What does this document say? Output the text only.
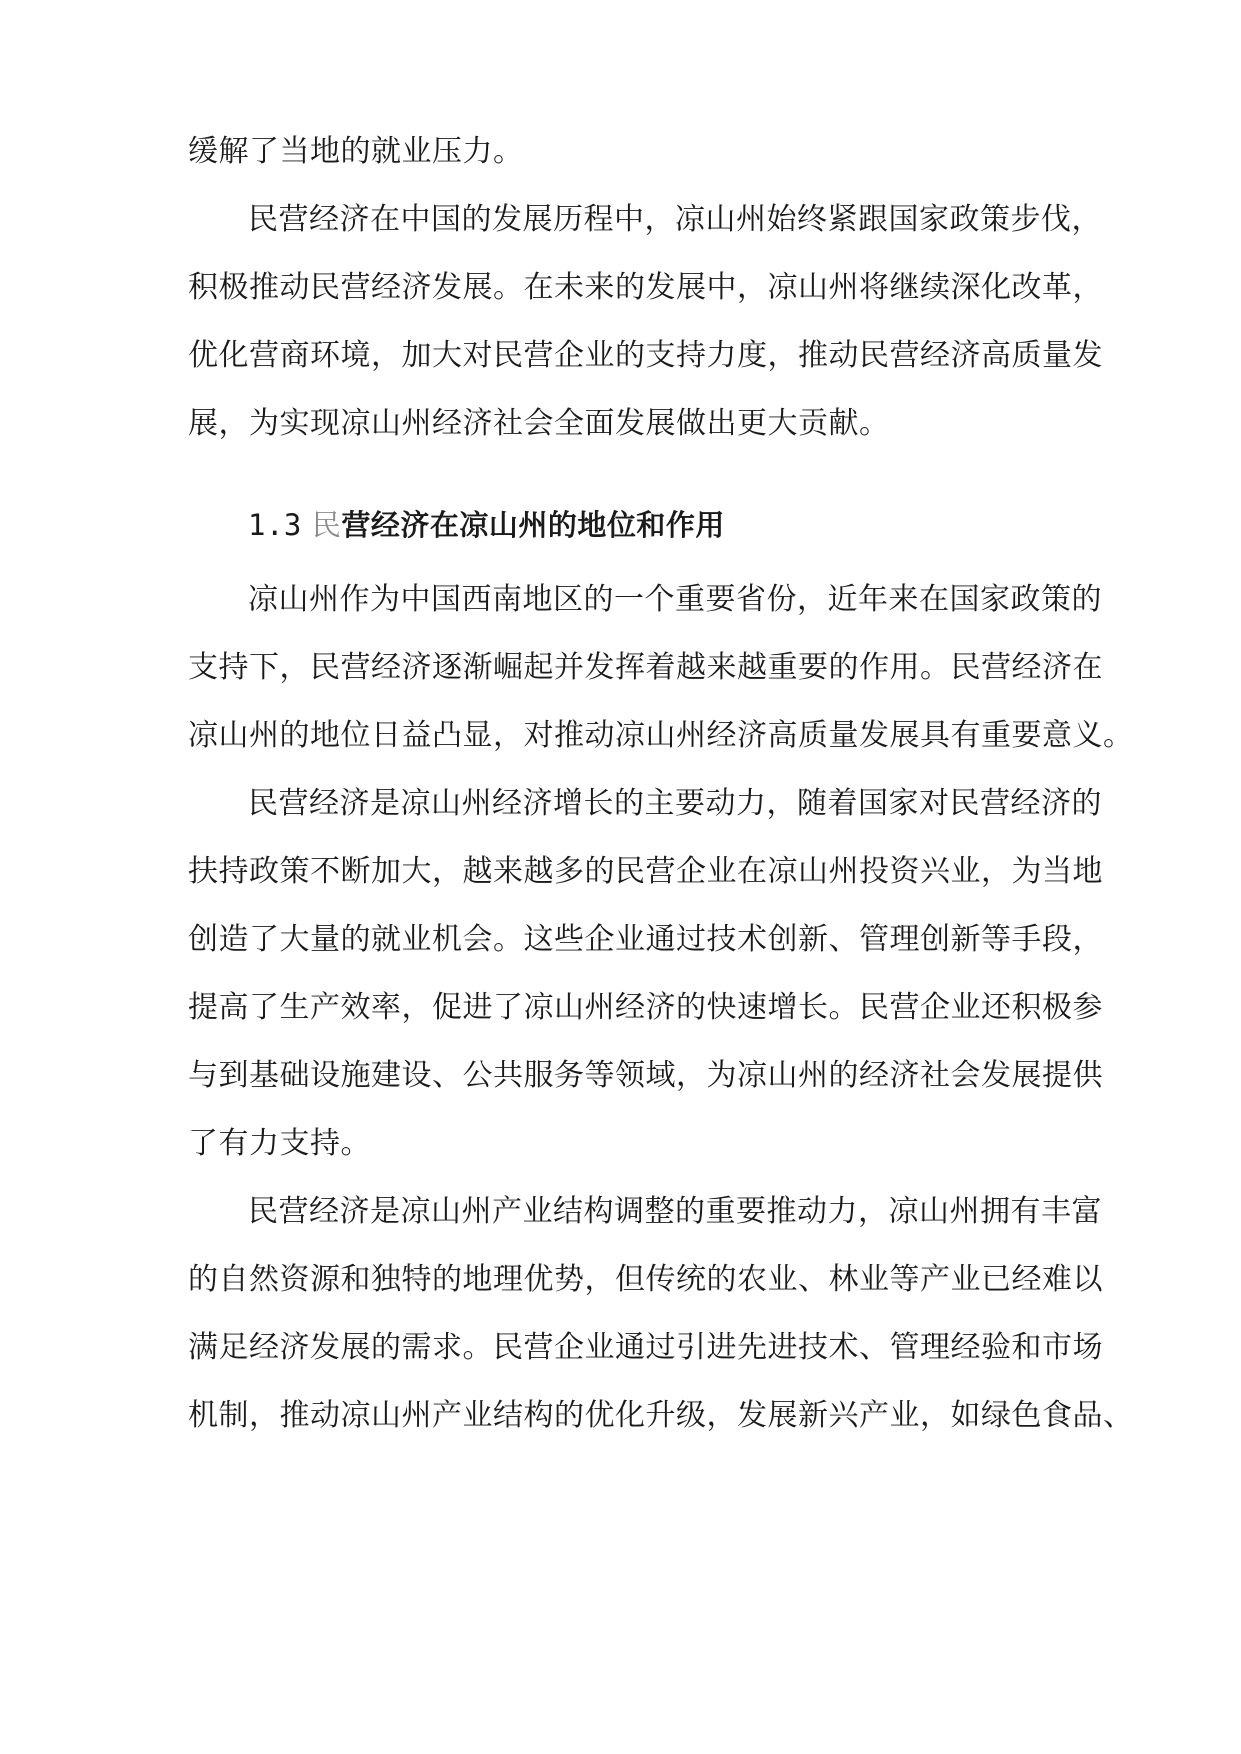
缓解了当地的就业压力。
民营经济在中国的发展历程中，凉山州始终紧跟国家政策步伐，
积极推动民营经济发展。在未来的发展中，凉山州将继续深化改革，
优化营商环境，加大对民营企业的支持力度，推动民营经济高质量发
展，为实现凉山州经济社会全面发展做出更大贡献。
1.3 民营经济在凉山州的地位和作用
凉山州作为中国西南地区的一个重要省份，近年来在国家政策的
支持下，民营经济逐渐崛起并发挥着越来越重要的作用。民营经济在
凉山州的地位日益凸显，对推动凉山州经济高质量发展具有重要意义。
民营经济是凉山州经济增长的主要动力，随着国家对民营经济的
扶持政策不断加大，越来越多的民营企业在凉山州投资兴业，为当地
创造了大量的就业机会。这些企业通过技术创新、管理创新等手段，
提高了生产效率，促进了凉山州经济的快速增长。民营企业还积极参
与到基础设施建设、公共服务等领域，为凉山州的经济社会发展提供
了有力支持。
民营经济是凉山州产业结构调整的重要推动力，凉山州拥有丰富
的自然资源和独特的地理优势，但传统的农业、林业等产业已经难以
满足经济发展的需求。民营企业通过引进先进技术、管理经验和市场
机制，推动凉山州产业结构的优化升级，发展新兴产业，如绿色食品、
